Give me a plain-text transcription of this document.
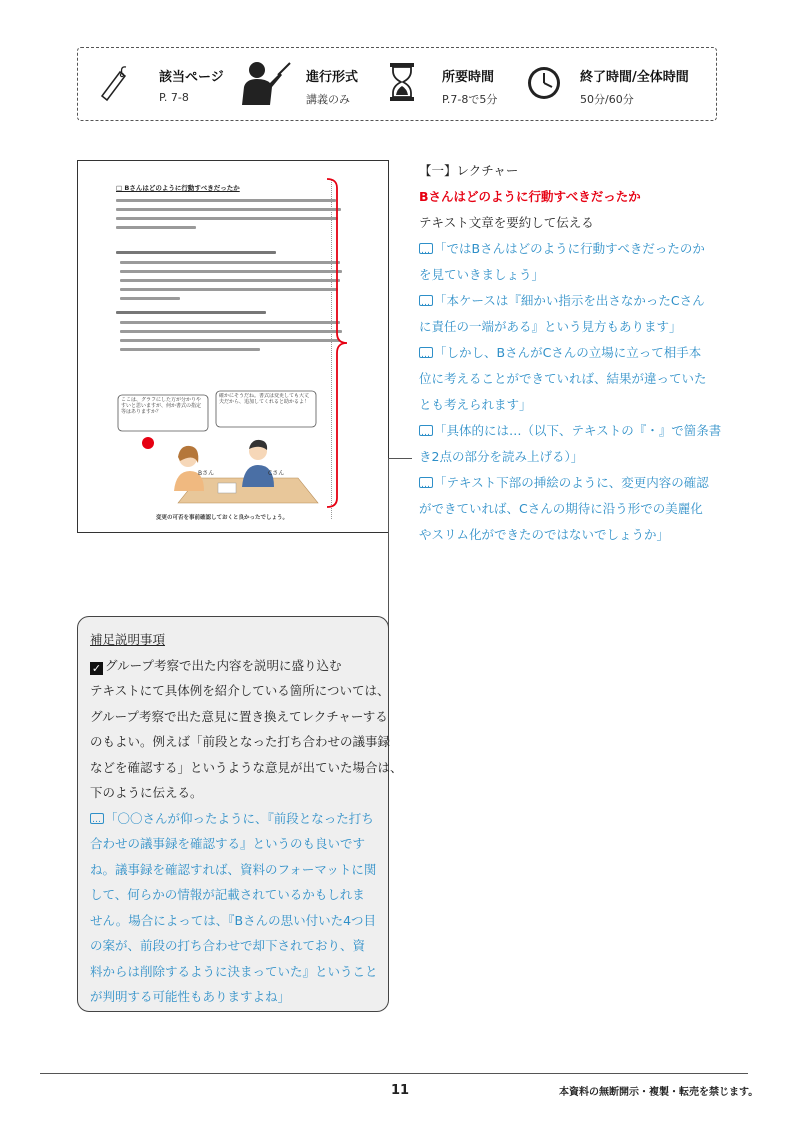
該当ページ
P. 7-8
進行形式
講義のみ
所要時間
P.7-8で5分
終了時間/全体時間
50分/60分
□ Bさんはどのように行動すべきだったか
ここは、グラフにした方が分かりやすいと思いますが、何か書式の指定等はありますか？
確かにそうだね。書式は変更しても大丈夫だから、追加してくれると助かるよ！
Bさん	Cさん
変更の可否を事前確認しておくと良かったでしょう。
【一】レクチャー
Bさんはどのように行動すべきだったか
テキスト文章を要約して伝える
…「ではBさんはどのように行動すべきだったのか
を見ていきましょう」
…「本ケースは『細かい指示を出さなかったCさん
に責任の一端がある』という見方もあります」
…「しかし、BさんがCさんの立場に立って相手本
位に考えることができていれば、結果が違っていた
とも考えられます」
…「具体的には…（以下、テキストの『・』で箇条書
き2点の部分を読み上げる）」
…「テキスト下部の挿絵のように、変更内容の確認
ができていれば、Cさんの期待に沿う形での美麗化
やスリム化ができたのではないでしょうか」
補足説明事項
✓ グループ考察で出た内容を説明に盛り込む
テキストにて具体例を紹介している箇所については、
グループ考察で出た意見に置き換えてレクチャーする
のもよい。例えば「前段となった打ち合わせの議事録
などを確認する」というような意見が出ていた場合は、
下のように伝える。
…「〇〇さんが仰ったように、『前段となった打ち
合わせの議事録を確認する』というのも良いです
ね。議事録を確認すれば、資料のフォーマットに関
して、何らかの情報が記載されているかもしれま
せん。場合によっては、『Bさんの思い付いた4つ目
の案が、前段の打ち合わせで却下されており、資
料からは削除するように決まっていた』ということ
が判明する可能性もありますよね」
11	本資料の無断開示・複製・転売を禁じます。
